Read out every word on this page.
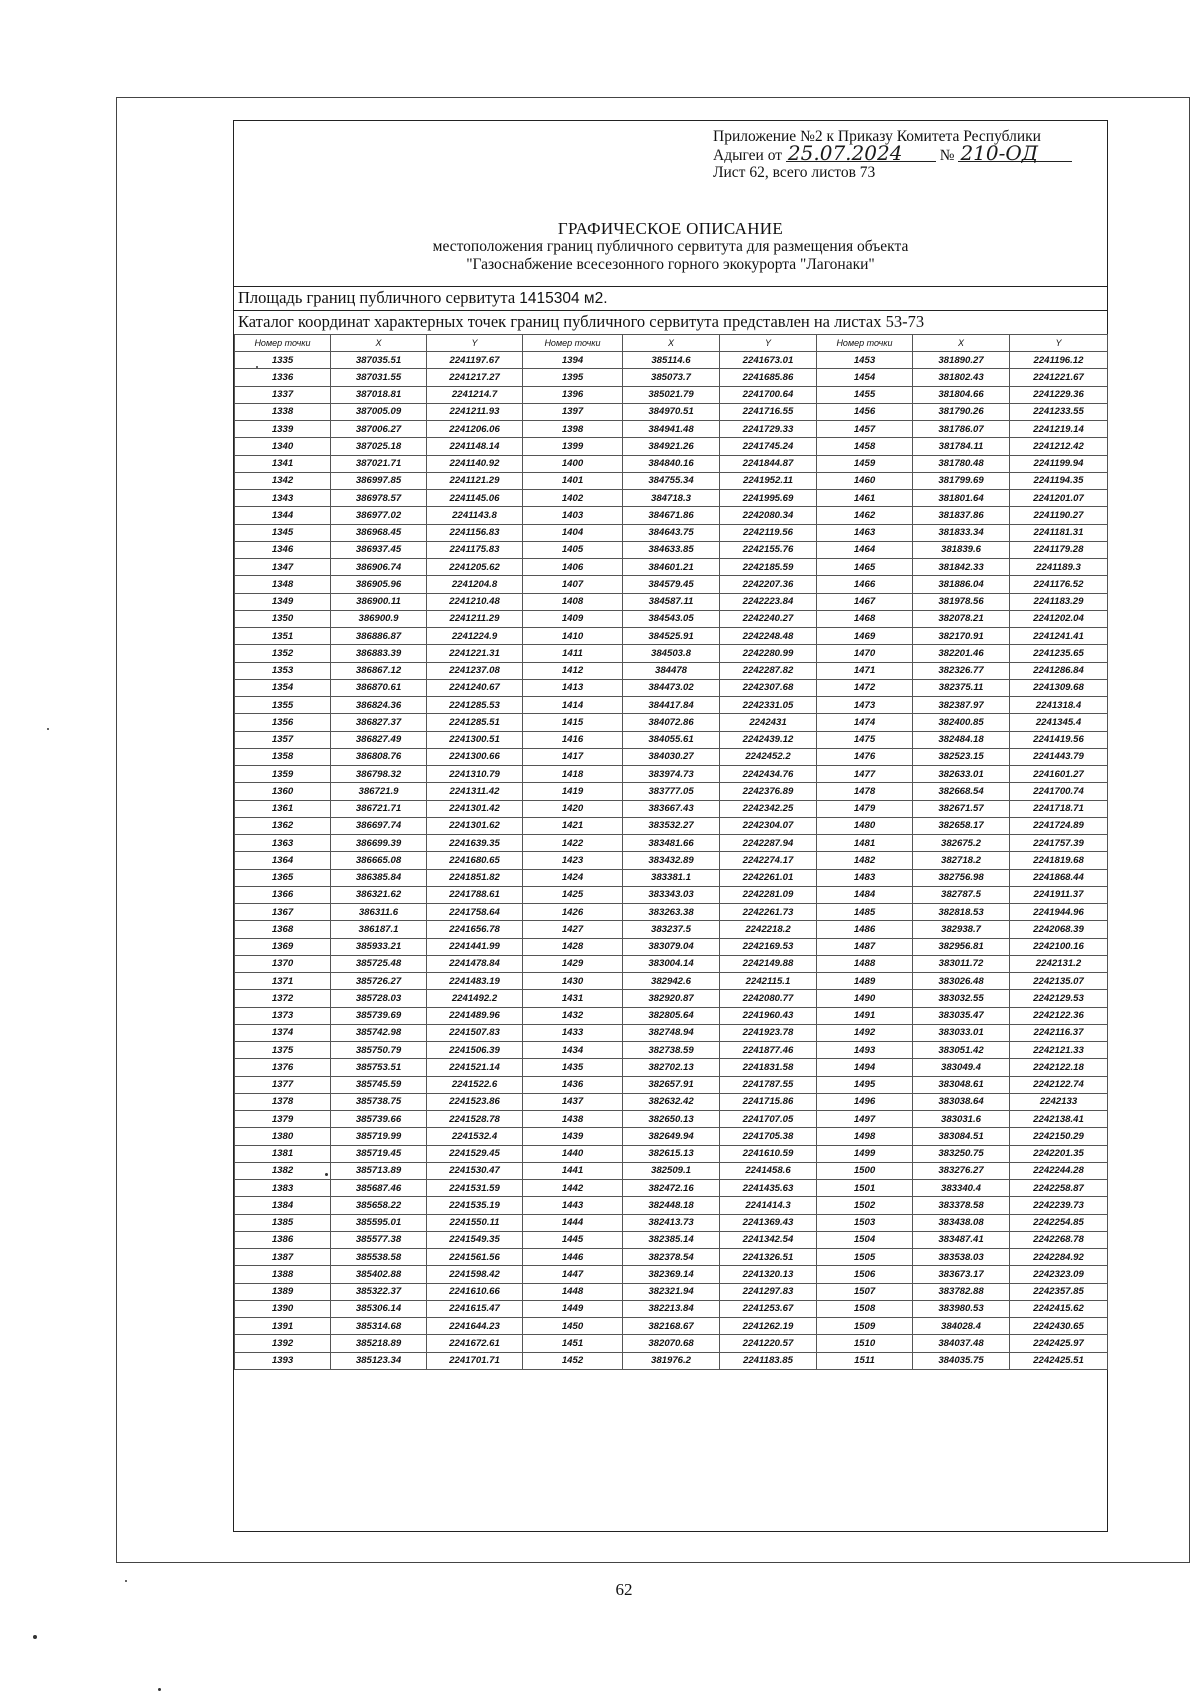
Приложение №2 к Приказу Комитета Республики
Адыгеи от 25.07.2024 № 210-ОД
Лист 62, всего листов 73
ГРАФИЧЕСКОЕ ОПИСАНИЕ
местоположения границ публичного сервитута для размещения объекта
"Газоснабжение всесезонного горного экокурорта "Лагонаки"
Площадь границ публичного сервитута 1415304 м2.
Каталог координат характерных точек границ публичного сервитута представлен на листах 53-73
Номер точки	X	Y	Номер точки	X	Y	Номер точки	X	Y
1335	387035.51	2241197.67	1394	385114.6	2241673.01	1453	381890.27	2241196.12
1336	387031.55	2241217.27	1395	385073.7	2241685.86	1454	381802.43	2241221.67
1337	387018.81	2241214.7	1396	385021.79	2241700.64	1455	381804.66	2241229.36
1338	387005.09	2241211.93	1397	384970.51	2241716.55	1456	381790.26	2241233.55
1339	387006.27	2241206.06	1398	384941.48	2241729.33	1457	381786.07	2241219.14
1340	387025.18	2241148.14	1399	384921.26	2241745.24	1458	381784.11	2241212.42
1341	387021.71	2241140.92	1400	384840.16	2241844.87	1459	381780.48	2241199.94
1342	386997.85	2241121.29	1401	384755.34	2241952.11	1460	381799.69	2241194.35
1343	386978.57	2241145.06	1402	384718.3	2241995.69	1461	381801.64	2241201.07
1344	386977.02	2241143.8	1403	384671.86	2242080.34	1462	381837.86	2241190.27
1345	386968.45	2241156.83	1404	384643.75	2242119.56	1463	381833.34	2241181.31
1346	386937.45	2241175.83	1405	384633.85	2242155.76	1464	381839.6	2241179.28
1347	386906.74	2241205.62	1406	384601.21	2242185.59	1465	381842.33	2241189.3
1348	386905.96	2241204.8	1407	384579.45	2242207.36	1466	381886.04	2241176.52
1349	386900.11	2241210.48	1408	384587.11	2242223.84	1467	381978.56	2241183.29
1350	386900.9	2241211.29	1409	384543.05	2242240.27	1468	382078.21	2241202.04
1351	386886.87	2241224.9	1410	384525.91	2242248.48	1469	382170.91	2241241.41
1352	386883.39	2241221.31	1411	384503.8	2242280.99	1470	382201.46	2241235.65
1353	386867.12	2241237.08	1412	384478	2242287.82	1471	382326.77	2241286.84
1354	386870.61	2241240.67	1413	384473.02	2242307.68	1472	382375.11	2241309.68
1355	386824.36	2241285.53	1414	384417.84	2242331.05	1473	382387.97	2241318.4
1356	386827.37	2241285.51	1415	384072.86	2242431	1474	382400.85	2241345.4
1357	386827.49	2241300.51	1416	384055.61	2242439.12	1475	382484.18	2241419.56
1358	386808.76	2241300.66	1417	384030.27	2242452.2	1476	382523.15	2241443.79
1359	386798.32	2241310.79	1418	383974.73	2242434.76	1477	382633.01	2241601.27
1360	386721.9	2241311.42	1419	383777.05	2242376.89	1478	382668.54	2241700.74
1361	386721.71	2241301.42	1420	383667.43	2242342.25	1479	382671.57	2241718.71
1362	386697.74	2241301.62	1421	383532.27	2242304.07	1480	382658.17	2241724.89
1363	386699.39	2241639.35	1422	383481.66	2242287.94	1481	382675.2	2241757.39
1364	386665.08	2241680.65	1423	383432.89	2242274.17	1482	382718.2	2241819.68
1365	386385.84	2241851.82	1424	383381.1	2242261.01	1483	382756.98	2241868.44
1366	386321.62	2241788.61	1425	383343.03	2242281.09	1484	382787.5	2241911.37
1367	386311.6	2241758.64	1426	383263.38	2242261.73	1485	382818.53	2241944.96
1368	386187.1	2241656.78	1427	383237.5	2242218.2	1486	382938.7	2242068.39
1369	385933.21	2241441.99	1428	383079.04	2242169.53	1487	382956.81	2242100.16
1370	385725.48	2241478.84	1429	383004.14	2242149.88	1488	383011.72	2242131.2
1371	385726.27	2241483.19	1430	382942.6	2242115.1	1489	383026.48	2242135.07
1372	385728.03	2241492.2	1431	382920.87	2242080.77	1490	383032.55	2242129.53
1373	385739.69	2241489.96	1432	382805.64	2241960.43	1491	383035.47	2242122.36
1374	385742.98	2241507.83	1433	382748.94	2241923.78	1492	383033.01	2242116.37
1375	385750.79	2241506.39	1434	382738.59	2241877.46	1493	383051.42	2242121.33
1376	385753.51	2241521.14	1435	382702.13	2241831.58	1494	383049.4	2242122.18
1377	385745.59	2241522.6	1436	382657.91	2241787.55	1495	383048.61	2242122.74
1378	385738.75	2241523.86	1437	382632.42	2241715.86	1496	383038.64	2242133
1379	385739.66	2241528.78	1438	382650.13	2241707.05	1497	383031.6	2242138.41
1380	385719.99	2241532.4	1439	382649.94	2241705.38	1498	383084.51	2242150.29
1381	385719.45	2241529.45	1440	382615.13	2241610.59	1499	383250.75	2242201.35
1382	385713.89	2241530.47	1441	382509.1	2241458.6	1500	383276.27	2242244.28
1383	385687.46	2241531.59	1442	382472.16	2241435.63	1501	383340.4	2242258.87
1384	385658.22	2241535.19	1443	382448.18	2241414.3	1502	383378.58	2242239.73
1385	385595.01	2241550.11	1444	382413.73	2241369.43	1503	383438.08	2242254.85
1386	385577.38	2241549.35	1445	382385.14	2241342.54	1504	383487.41	2242268.78
1387	385538.58	2241561.56	1446	382378.54	2241326.51	1505	383538.03	2242284.92
1388	385402.88	2241598.42	1447	382369.14	2241320.13	1506	383673.17	2242323.09
1389	385322.37	2241610.66	1448	382321.94	2241297.83	1507	383782.88	2242357.85
1390	385306.14	2241615.47	1449	382213.84	2241253.67	1508	383980.53	2242415.62
1391	385314.68	2241644.23	1450	382168.67	2241262.19	1509	384028.4	2242430.65
1392	385218.89	2241672.61	1451	382070.68	2241220.57	1510	384037.48	2242425.97
1393	385123.34	2241701.71	1452	381976.2	2241183.85	1511	384035.75	2242425.51
62
